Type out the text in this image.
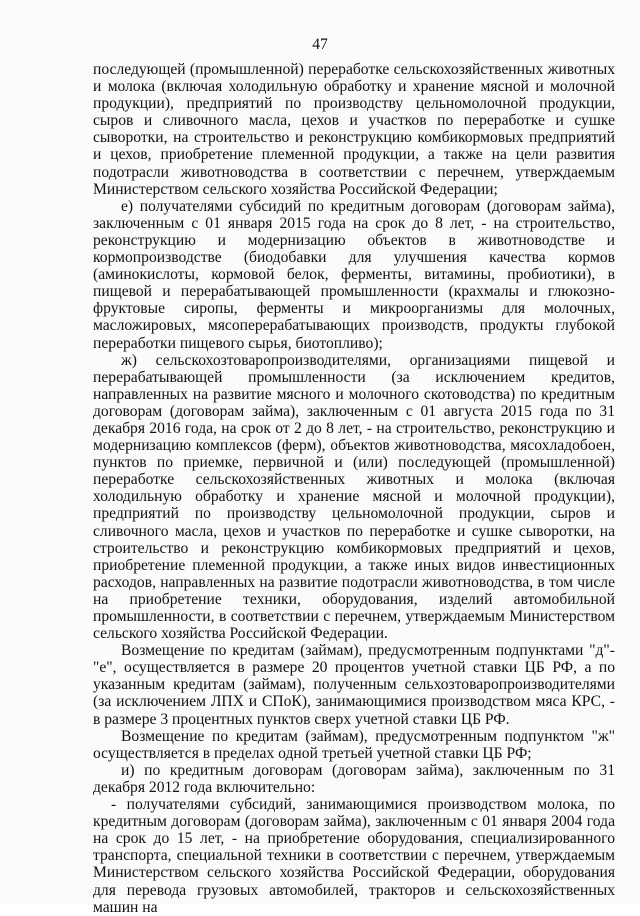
47

последующей (промышленной) переработке сельскохозяйственных животных и молока (включая холодильную обработку и хранение мясной и молочной продукции), предприятий по производству цельномолочной продукции, сыров и сливочного масла, цехов и участков по переработке и сушке сыворотки, на строительство и реконструкцию комбикормовых предприятий и цехов, приобретение племенной продукции, а также на цели развития подотрасли животноводства в соответствии с перечнем, утверждаемым Министерством сельского хозяйства Российской Федерации;

е) получателями субсидий по кредитным договорам (договорам займа), заключенным с 01 января 2015 года на срок до 8 лет, - на строительство, реконструкцию и модернизацию объектов в животноводстве и кормопроизводстве (биодобавки для улучшения качества кормов (аминокислоты, кормовой белок, ферменты, витамины, пробиотики), в пищевой и перерабатывающей промышленности (крахмалы и глюкозно-фруктовые сиропы, ферменты и микроорганизмы для молочных, масложировых, мясоперерабатывающих производств, продукты глубокой переработки пищевого сырья, биотопливо);

ж) сельскохозтоваропроизводителями, организациями пищевой и перерабатывающей промышленности (за исключением кредитов, направленных на развитие мясного и молочного скотоводства) по кредитным договорам (договорам займа), заключенным с 01 августа 2015 года по 31 декабря 2016 года, на срок от 2 до 8 лет, - на строительство, реконструкцию и модернизацию комплексов (ферм), объектов животноводства, мясохладобоен, пунктов по приемке, первичной и (или) последующей (промышленной) переработке сельскохозяйственных животных и молока (включая холодильную обработку и хранение мясной и молочной продукции), предприятий по производству цельномолочной продукции, сыров и сливочного масла, цехов и участков по переработке и сушке сыворотки, на строительство и реконструкцию комбикормовых предприятий и цехов, приобретение племенной продукции, а также иных видов инвестиционных расходов, направленных на развитие подотрасли животноводства, в том числе на приобретение техники, оборудования, изделий автомобильной промышленности, в соответствии с перечнем, утверждаемым Министерством сельского хозяйства Российской Федерации.

Возмещение по кредитам (займам), предусмотренным подпунктами "д"-"е", осуществляется в размере 20 процентов учетной ставки ЦБ РФ, а по указанным кредитам (займам), полученным сельхозтоваропроизводителями (за исключением ЛПХ и СПоК), занимающимися производством мяса КРС, - в размере 3 процентных пунктов сверх учетной ставки ЦБ РФ.

Возмещение по кредитам (займам), предусмотренным подпунктом "ж" осуществляется в пределах одной третьей учетной ставки ЦБ РФ;

и) по кредитным договорам (договорам займа), заключенным по 31 декабря 2012 года включительно:

- получателями субсидий, занимающимися производством молока, по кредитным договорам (договорам займа), заключенным с 01 января 2004 года на срок до 15 лет, - на приобретение оборудования, специализированного транспорта, специальной техники в соответствии с перечнем, утверждаемым Министерством сельского хозяйства Российской Федерации, оборудования для перевода грузовых автомобилей, тракторов и сельскохозяйственных машин на
